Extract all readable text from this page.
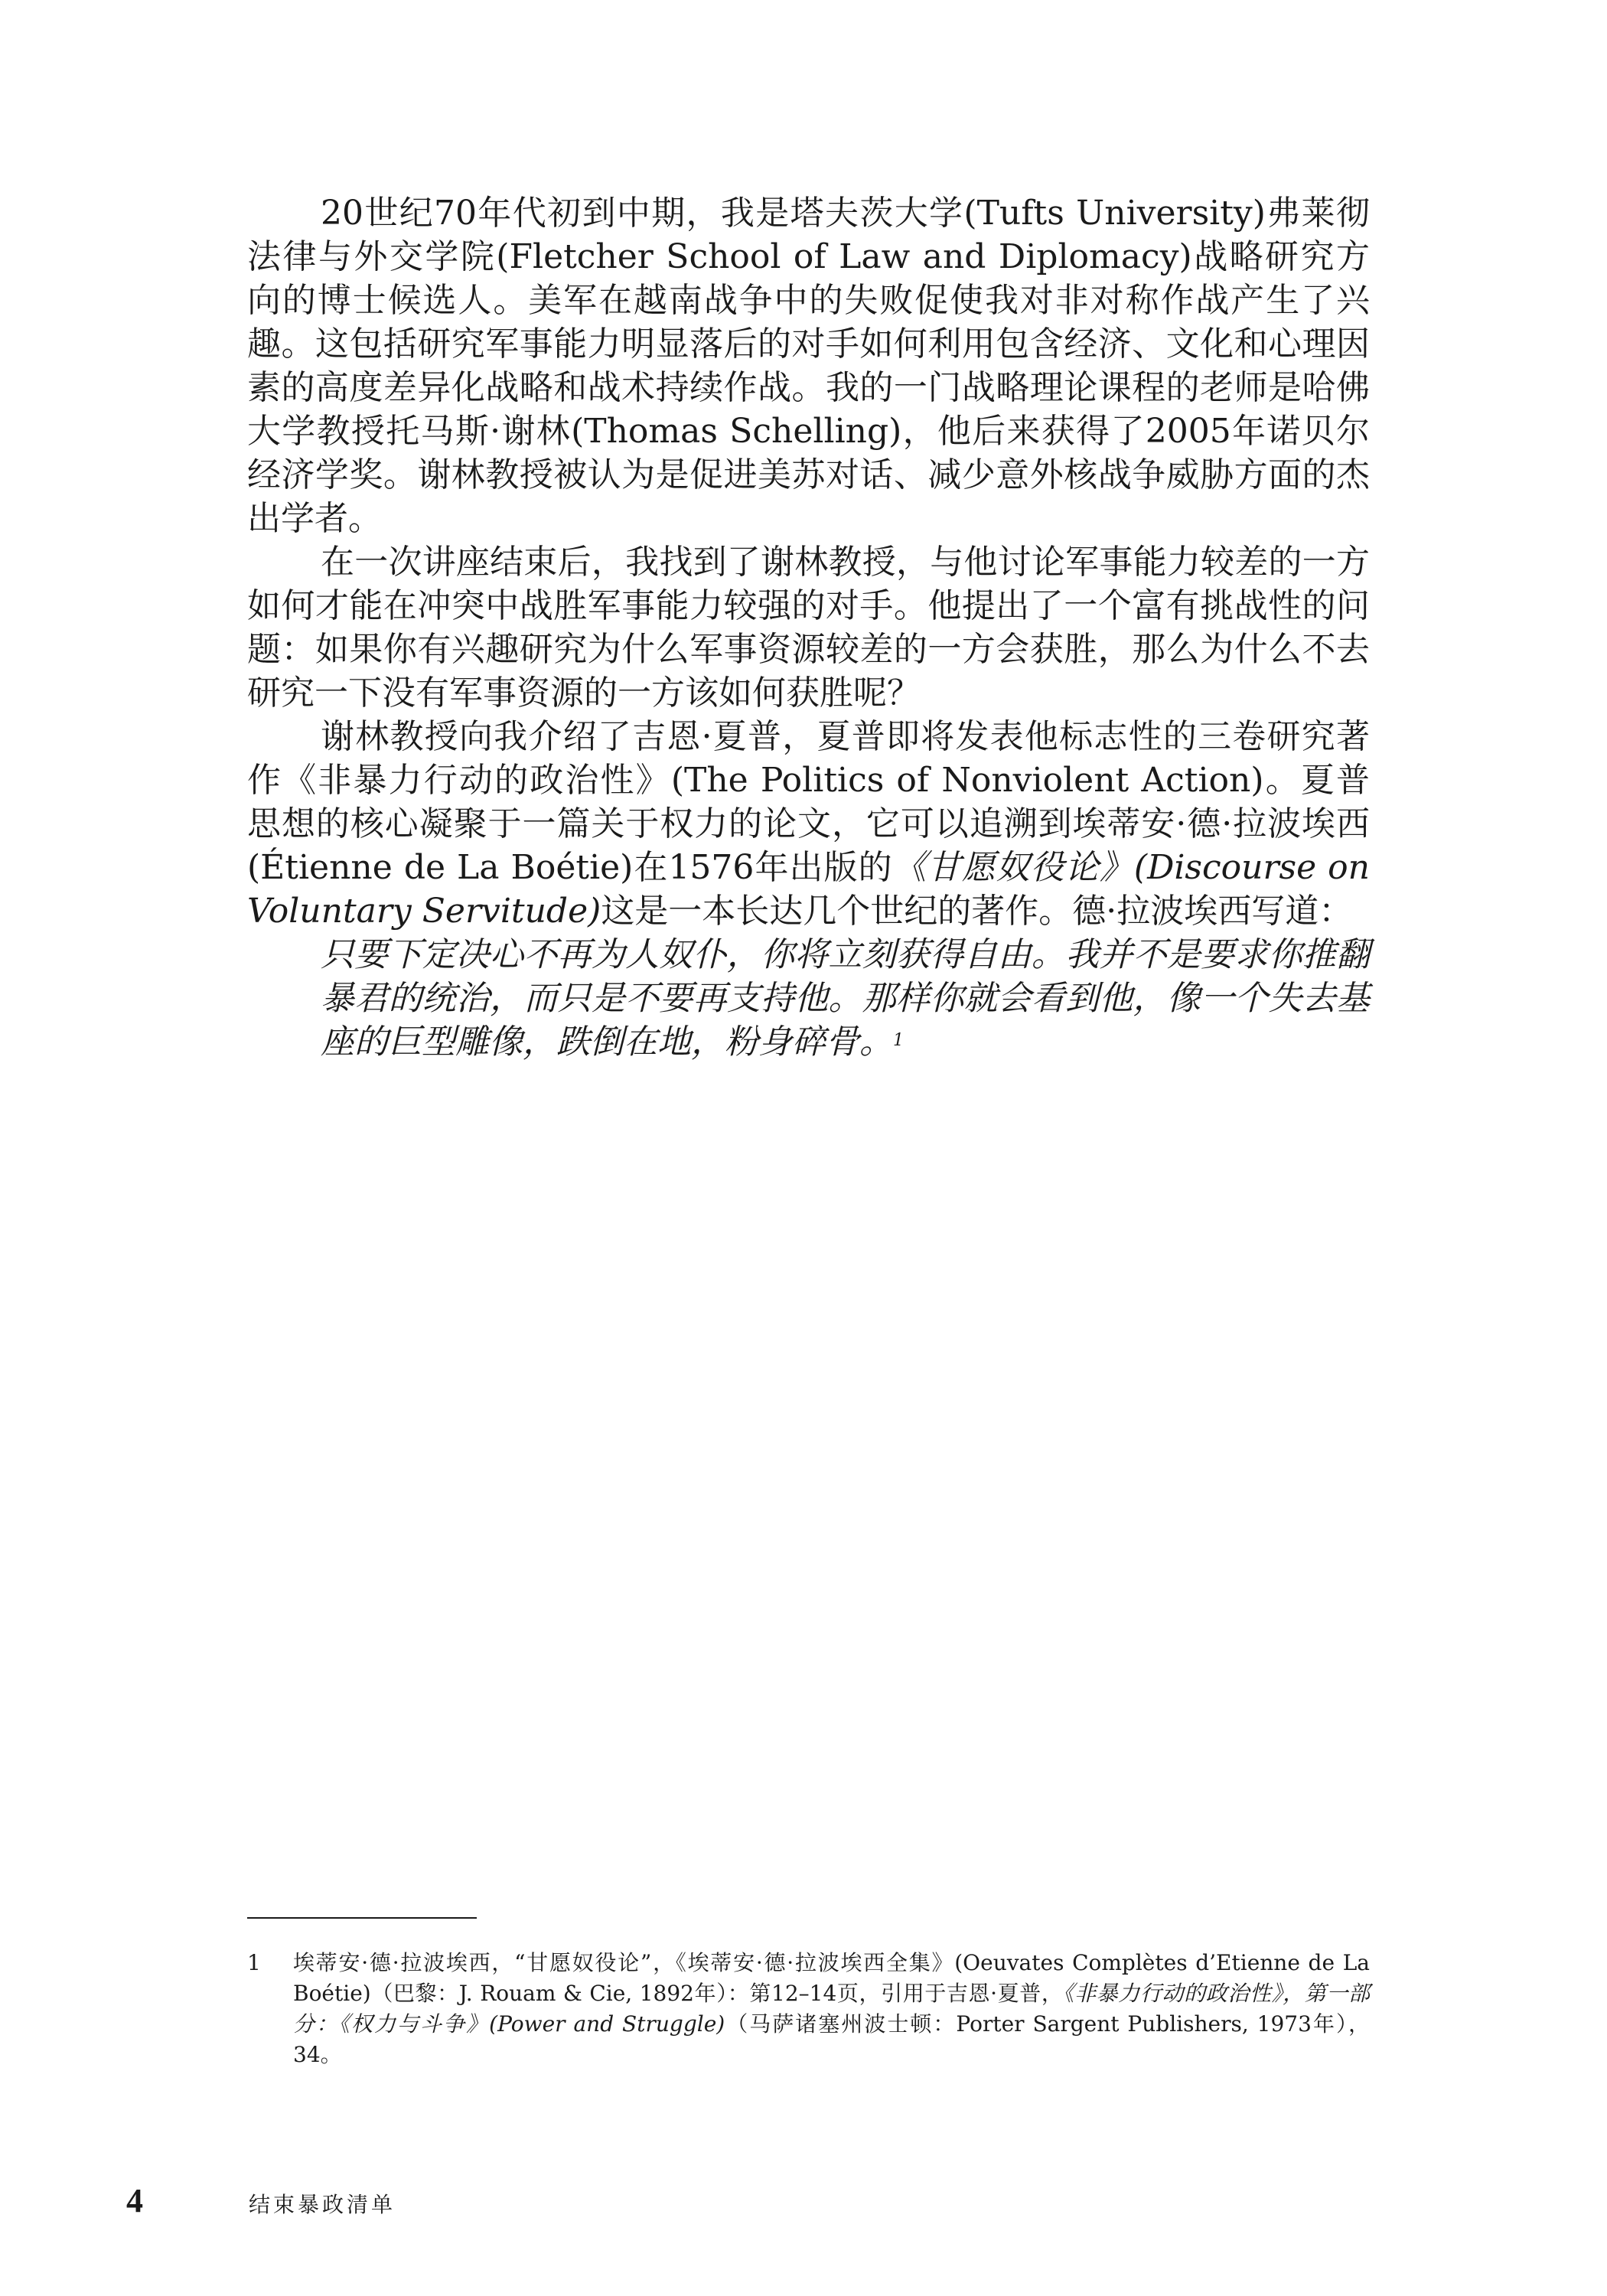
20世纪70年代初到中期，我是塔夫茨大学(Tufts University)弗莱彻法律与外交学院(Fletcher School of Law and Diplomacy)战略研究方向的博士候选人。美军在越南战争中的失败促使我对非对称作战产生了兴趣。这包括研究军事能力明显落后的对手如何利用包含经济、文化和心理因素的高度差异化战略和战术持续作战。我的一门战略理论课程的老师是哈佛大学教授托马斯·谢林(Thomas Schelling)，他后来获得了2005年诺贝尔经济学奖。谢林教授被认为是促进美苏对话、减少意外核战争威胁方面的杰出学者。

在一次讲座结束后，我找到了谢林教授，与他讨论军事能力较差的一方如何才能在冲突中战胜军事能力较强的对手。他提出了一个富有挑战性的问题：如果你有兴趣研究为什么军事资源较差的一方会获胜，那么为什么不去研究一下没有军事资源的一方该如何获胜呢？

谢林教授向我介绍了吉恩·夏普，夏普即将发表他标志性的三卷研究著作《非暴力行动的政治性》(The Politics of Nonviolent Action)。夏普思想的核心凝聚于一篇关于权力的论文，它可以追溯到埃蒂安·德·拉波埃西(Étienne de La Boétie)在1576年出版的《甘愿奴役论》(Discourse on Voluntary Servitude)这是一本长达几个世纪的著作。德·拉波埃西写道：

只要下定决心不再为人奴仆，你将立刻获得自由。我并不是要求你推翻暴君的统治，而只是不要再支持他。那样你就会看到他，像一个失去基座的巨型雕像，跌倒在地，粉身碎骨。$^1$
1 埃蒂安·德·拉波埃西，“甘愿奴役论”，《埃蒂安·德·拉波埃西全集》(Oeuvates Complètes d’Etienne de La Boétie)（巴黎：J. Rouam & Cie, 1892年）：第12–14页，引用于吉恩·夏普，《非暴力行动的政治性》，第一部分：《权力与斗争》(Power and Struggle)（马萨诸塞州波士顿：Porter Sargent Publishers, 1973年），34。
4	结束暴政清单
